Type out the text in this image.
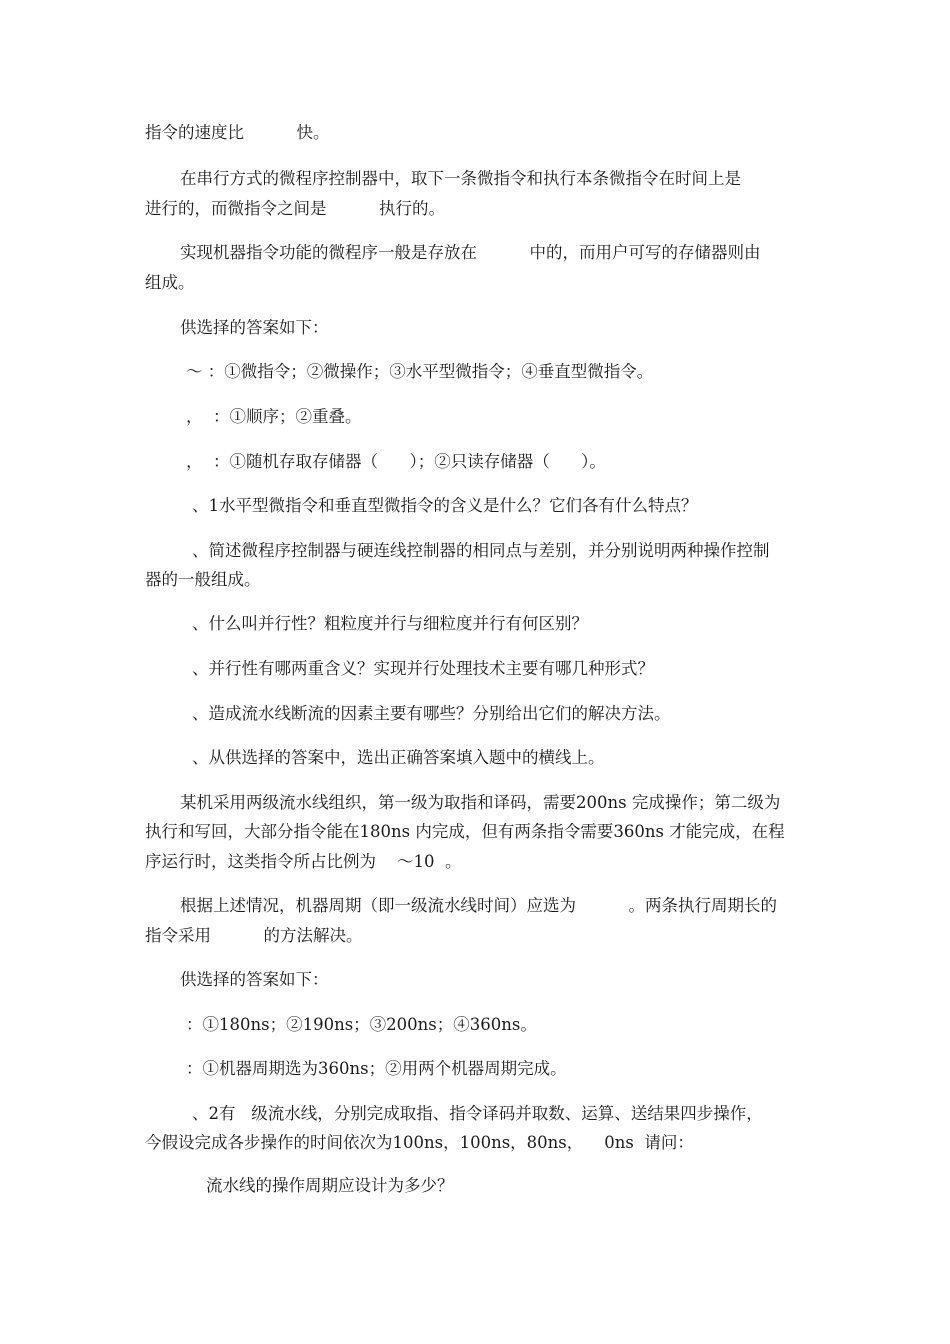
指令的速度比          快。
在串行方式的微程序控制器中，取下一条微指令和执行本条微指令在时间上是
进行的，而微指令之间是          执行的。
实现机器指令功能的微程序一般是存放在          中的，而用户可写的存储器则由
组成。
供选择的答案如下：
～ ：①微指令；②微操作；③水平型微指令；④垂直型微指令。
，  ：①顺序；②重叠。
，  ：①随机存取存储器（      ）；②只读存储器（      ）。
、1水平型微指令和垂直型微指令的含义是什么？它们各有什么特点？
、简述微程序控制器与硬连线控制器的相同点与差别，并分别说明两种操作控制
器的一般组成。
、什么叫并行性？粗粒度并行与细粒度并行有何区别？
、并行性有哪两重含义？实现并行处理技术主要有哪几种形式？
、造成流水线断流的因素主要有哪些？分别给出它们的解决方法。
、从供选择的答案中，选出正确答案填入题中的横线上。
某机采用两级流水线组织，第一级为取指和译码，需要200ns 完成操作；第二级为
执行和写回，大部分指令能在180ns 内完成，但有两条指令需要360ns 才能完成，在程
序运行时，这类指令所占比例为    ～10  。
根据上述情况，机器周期（即一级流水线时间）应选为          。两条执行周期长的
指令采用          的方法解决。
供选择的答案如下：
：①180ns；②190ns；③200ns；④360ns。
：①机器周期选为360ns；②用两个机器周期完成。
、2有   级流水线，分别完成取指、指令译码并取数、运算、送结果四步操作，
今假设完成各步操作的时间依次为100ns，100ns，80ns，    0ns  请问：
流水线的操作周期应设计为多少？
